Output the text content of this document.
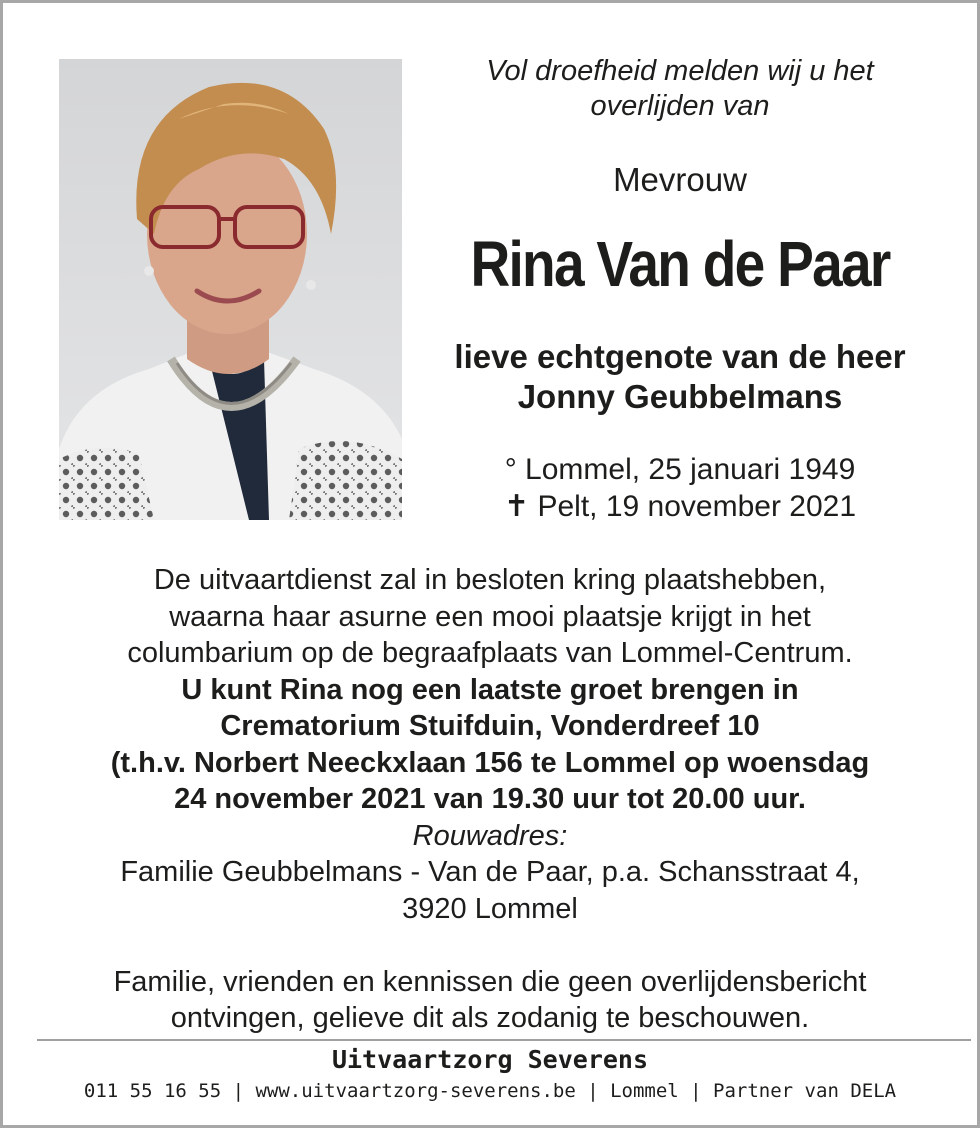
Vol droefheid melden wij u het
overlijden van
Mevrouw
Rina Van de Paar
lieve echtgenote van de heer
Jonny Geubbelmans
° Lommel, 25 januari 1949
✝ Pelt, 19 november 2021
De uitvaartdienst zal in besloten kring plaatshebben,
waarna haar asurne een mooi plaatsje krijgt in het
columbarium op de begraafplaats van Lommel-Centrum.
U kunt Rina nog een laatste groet brengen in
Crematorium Stuifduin, Vonderdreef 10
(t.h.v. Norbert Neeckxlaan 156 te Lommel op woensdag
24 november 2021 van 19.30 uur tot 20.00 uur.
Rouwadres:
Familie Geubbelmans - Van de Paar, p.a. Schansstraat 4,
3920 Lommel

Familie, vrienden en kennissen die geen overlijdensbericht
ontvingen, gelieve dit als zodanig te beschouwen.
Uitvaartzorg Severens
011 55 16 55 | www.uitvaartzorg-severens.be | Lommel | Partner van DELA
